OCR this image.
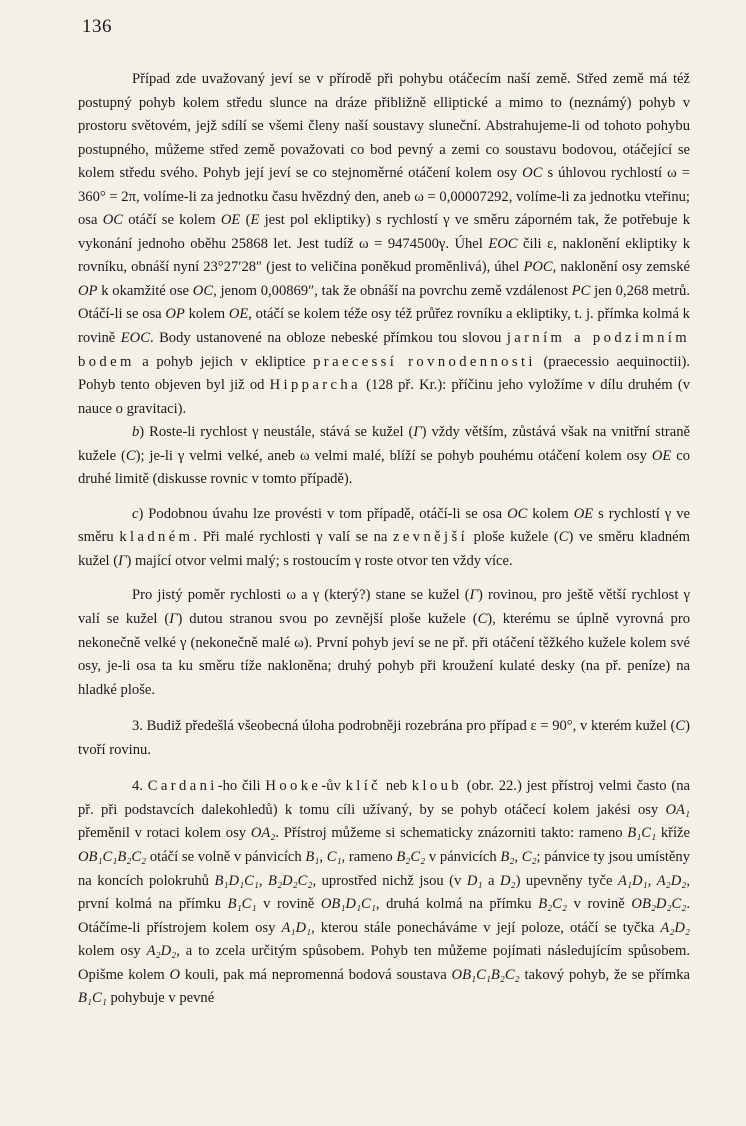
136

Případ zde uvažovaný jeví se v přírodě při pohybu otáčecím naší země. Střed země má též postupný pohyb kolem středu slunce na dráze přibližně elliptické a mimo to (neznámý) pohyb v prostoru světovém, jejž sdílí se všemi členy naší soustavy sluneční. Abstrahujeme-li od tohoto pohybu postupného, můžeme střed země považovati co bod pevný a zemi co soustavu bodovou, otáčející se kolem středu svého. Pohyb její jeví se co stejnoměrné otáčení kolem osy OC s úhlovou rychlostí ω = 360° = 2π, volíme-li za jednotku času hvězdný den, aneb ω = 0,00007292, volíme-li za jednotku vteřinu; osa OC otáčí se kolem OE (E jest pol ekliptiky) s rychlostí γ ve směru záporném tak, že potřebuje k vykonání jednoho oběhu 25868 let. Jest tudíž ω = 9474500γ. Úhel EOC čili ε, naklonění ekliptiky k rovníku, obnáší nyní 23°27′28″ (jest to veličina poněkud proměnlivá), úhel POC, naklonění osy zemské OP k okamžité ose OC, jenom 0,00869″, tak že obnáší na povrchu země vzdálenost PC jen 0,268 metrů. Otáčí-li se osa OP kolem OE, otáčí se kolem téže osy též průřez rovníku a ekliptiky, t. j. přímka kolmá k rovině EOC. Body ustanovené na obloze nebeské přímkou tou slovou jarním a podzimním bodem a pohyb jejich v ekliptice praecessí rovnodennosti (praecessio aequinoctii). Pohyb tento objeven byl již od Hipparcha (128 př. Kr.): příčinu jeho vyložíme v dílu druhém (v nauce o gravitaci).

b) Roste-li rychlost γ neustále, stává se kužel (Γ) vždy větším, zůstává však na vnitřní straně kužele (C); je-li γ velmi velké, aneb ω velmi malé, blíží se pohyb pouhému otáčení kolem osy OE co druhé limitě (diskusse rovnic v tomto případě).

c) Podobnou úvahu lze provésti v tom případě, otáčí-li se osa OC kolem OE s rychlostí γ ve směru kladném. Při malé rychlosti γ valí se na zevnější ploše kužele (C) ve směru kladném kužel (Γ) mající otvor velmi malý; s rostoucím γ roste otvor ten vždy více.

Pro jistý poměr rychlosti ω a γ (který?) stane se kužel (Γ) rovinou, pro ještě větší rychlost γ valí se kužel (Γ) dutou stranou svou po zevnější ploše kužele (C), kterému se úplně vyrovná pro nekonečně velké γ (nekonečně malé ω). První pohyb jeví se ne př. při otáčení těžkého kužele kolem své osy, je-li osa ta ku směru tíže nakloněna; druhý pohyb při kroužení kulaté desky (na př. peníze) na hladké ploše.

3. Budiž předešlá všeobecná úloha podrobněji rozebrána pro případ ε = 90°, v kterém kužel (C) tvoří rovinu.

4. Cardani-ho čili Hooke-ův klíč neb kloub (obr. 22.) jest přístroj velmi často (na př. při podstavcích dalekohledů) k tomu cíli užívaný, by se pohyb otáčecí kolem jakési osy OA₁ přeměnil v rotaci kolem osy OA₂. Přístroj můžeme si schematicky znázorniti takto: rameno B₁C₁ kříže OB₁C₁B₂C₂ otáčí se volně v pánvicích B₁, C₁, rameno B₂C₂ v pánvicích B₂, C₂; pánvice ty jsou umístěny na koncích polokruhů B₁D₁C₁, B₂D₂C₂, uprostřed nichž jsou (v D₁ a D₂) upevněny tyče A₁D₁, A₂D₂, první kolmá na přímku B₁C₁ v rovině OB₁D₁C₁, druhá kolmá na přímku B₂C₂ v rovině OB₂D₂C₂. Otáčíme-li přístrojem kolem osy A₁D₁, kterou stále ponecháváme v její poloze, otáčí se tyčka A₂D₂ kolem osy A₂D₂, a to zcela určitým spůsobem. Pohyb ten můžeme pojímati následujícím spůsobem. Opišme kolem O kouli, pak má nepromenná bodová soustava OB₁C₁B₂C₂ takový pohyb, že se přímka B₁C₁ pohybuje v pevné
